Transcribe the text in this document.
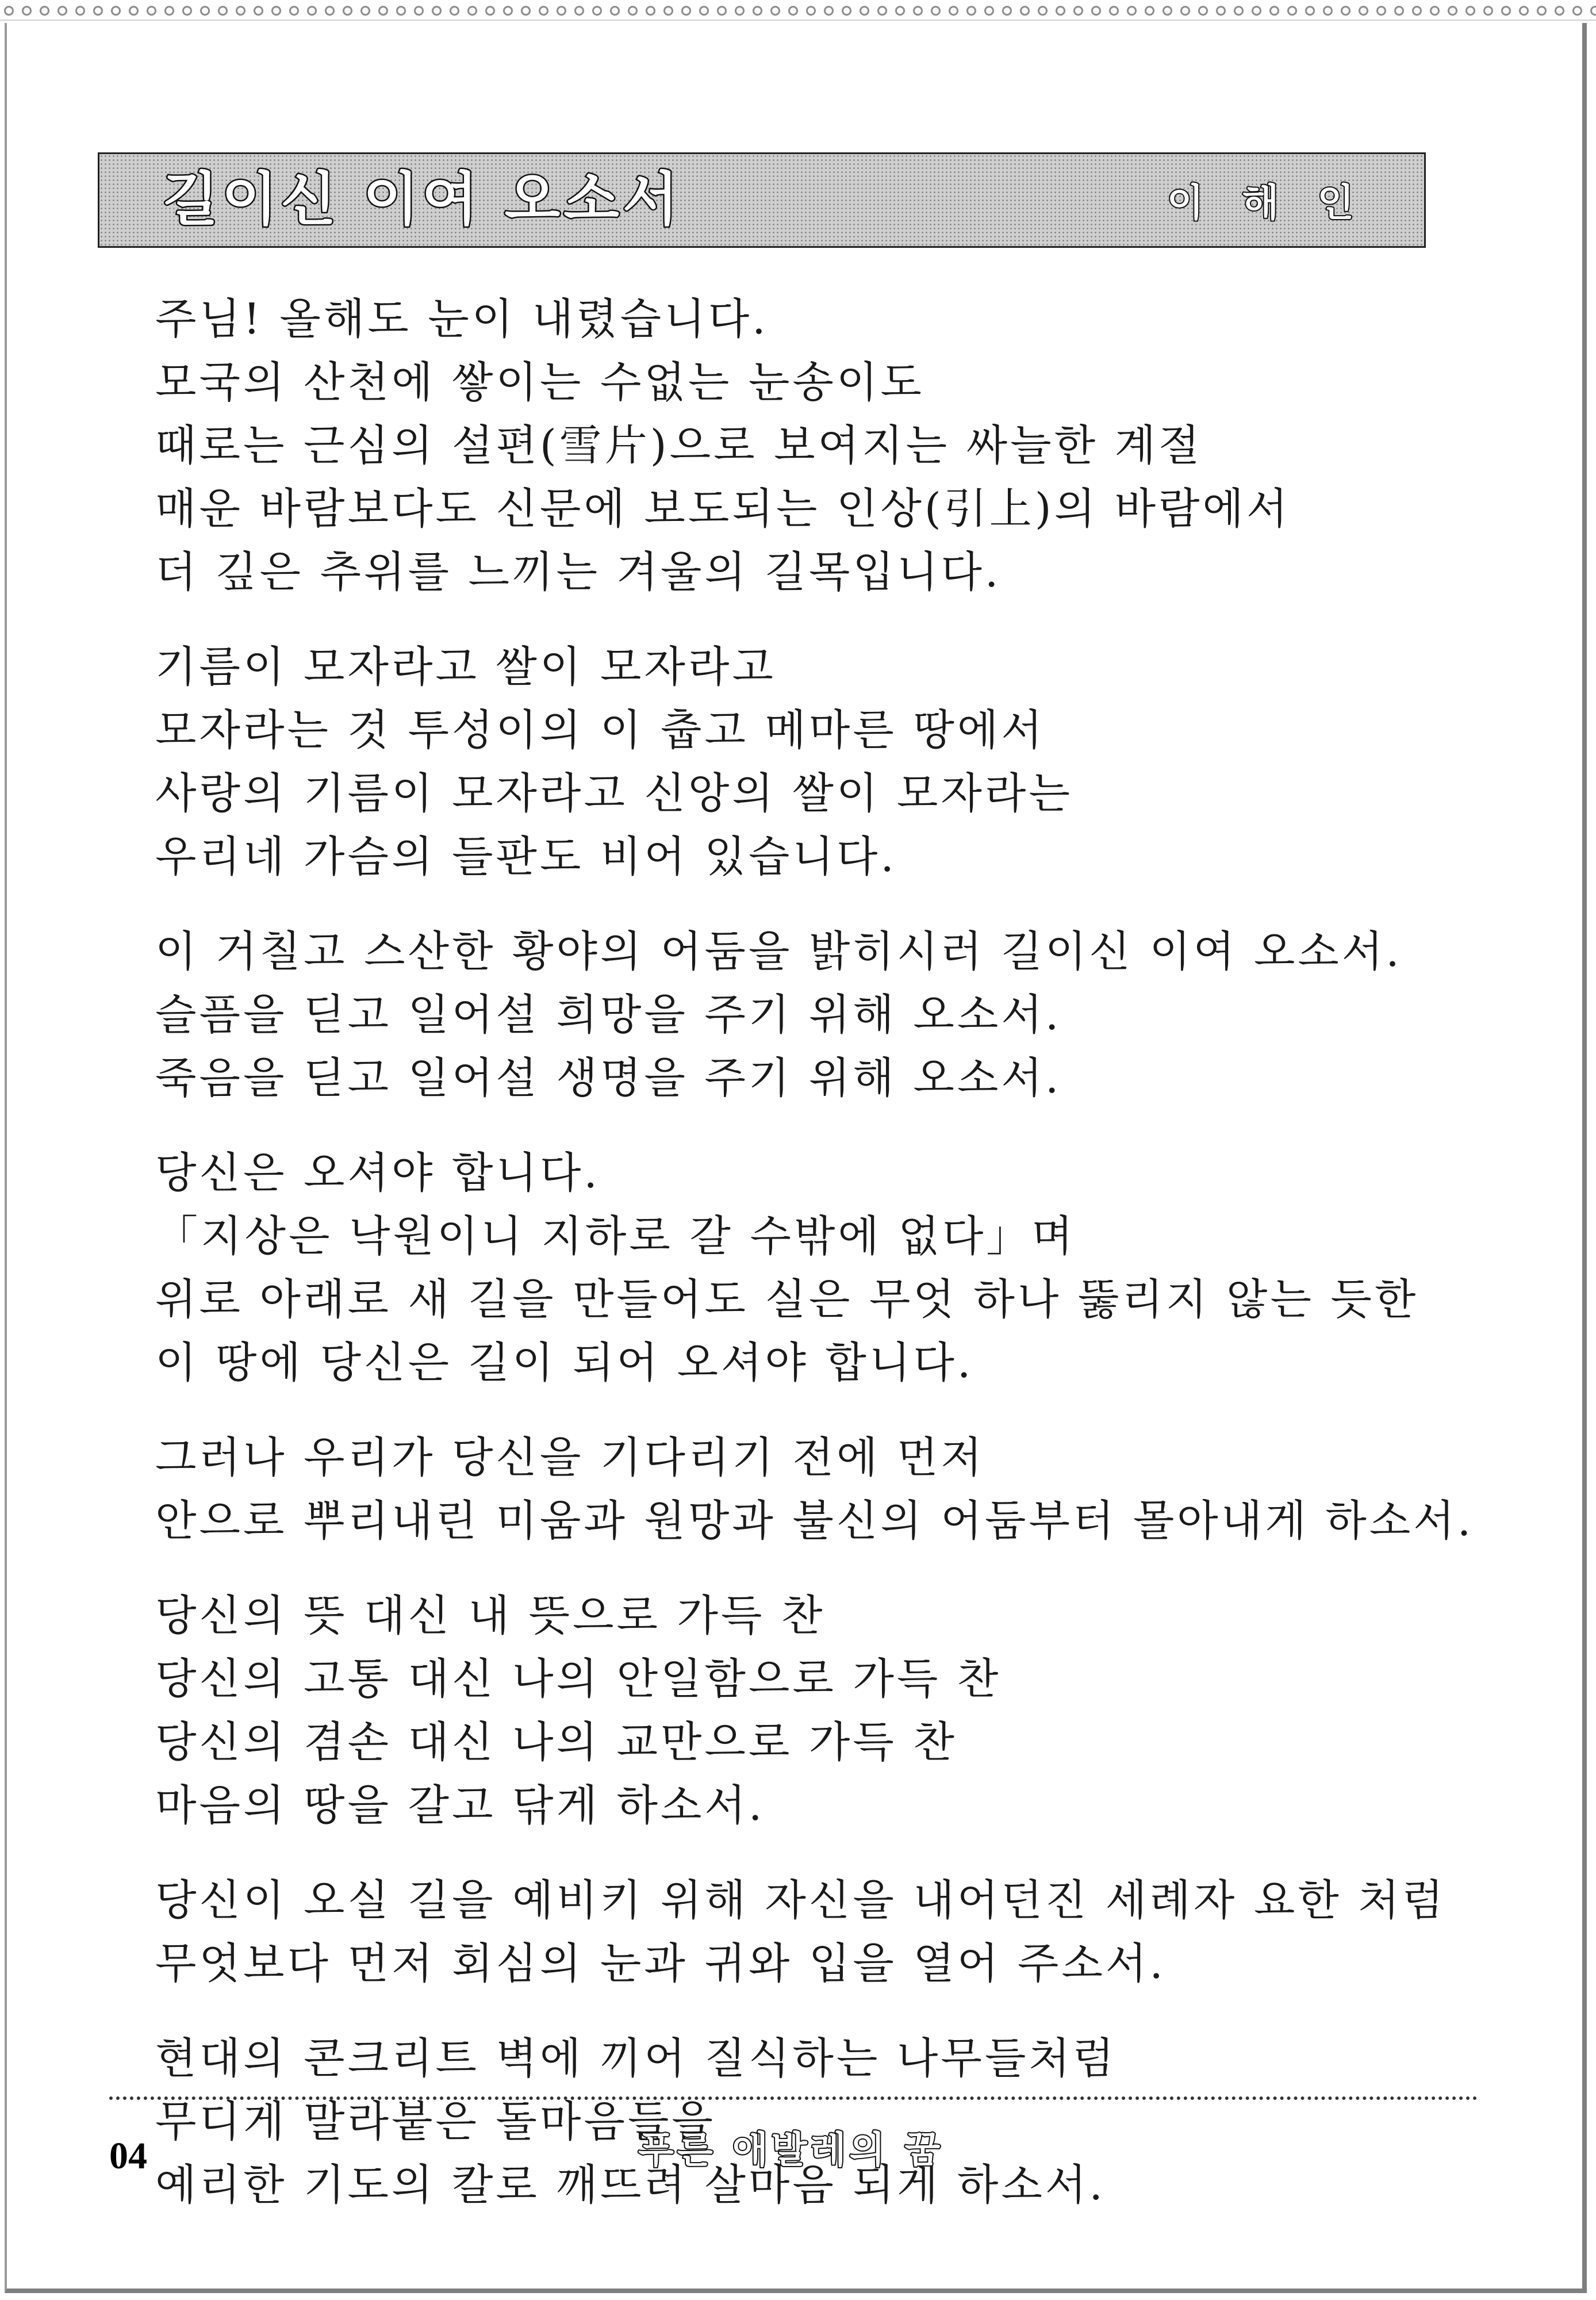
길이신 이여 오소서	이 해 인
주님! 올해도 눈이 내렸습니다.
모국의 산천에 쌓이는 수없는 눈송이도
때로는 근심의 설편(雪片)으로 보여지는 싸늘한 계절
매운 바람보다도 신문에 보도되는 인상(引上)의 바람에서
더 깊은 추위를 느끼는 겨울의 길목입니다.
기름이 모자라고 쌀이 모자라고
모자라는 것 투성이의 이 춥고 메마른 땅에서
사랑의 기름이 모자라고 신앙의 쌀이 모자라는
우리네 가슴의 들판도 비어 있습니다.
이 거칠고 스산한 황야의 어둠을 밝히시러 길이신 이여 오소서.
슬픔을 딛고 일어설 희망을 주기 위해 오소서.
죽음을 딛고 일어설 생명을 주기 위해 오소서.
당신은 오셔야 합니다.
「지상은 낙원이니 지하로 갈 수밖에 없다」며
위로 아래로 새 길을 만들어도 실은 무엇 하나 뚫리지 않는 듯한
이 땅에 당신은 길이 되어 오셔야 합니다.
그러나 우리가 당신을 기다리기 전에 먼저
안으로 뿌리내린 미움과 원망과 불신의 어둠부터 몰아내게 하소서.
당신의 뜻 대신 내 뜻으로 가득 찬
당신의 고통 대신 나의 안일함으로 가득 찬
당신의 겸손 대신 나의 교만으로 가득 찬
마음의 땅을 갈고 닦게 하소서.
당신이 오실 길을 예비키 위해 자신을 내어던진 세례자 요한 처럼
무엇보다 먼저 회심의 눈과 귀와 입을 열어 주소서.
현대의 콘크리트 벽에 끼어 질식하는 나무들처럼
무디게 말라붙은 돌마음들을
예리한 기도의 칼로 깨뜨려 살마음 되게 하소서.
04	푸른 애발레의 꿈
